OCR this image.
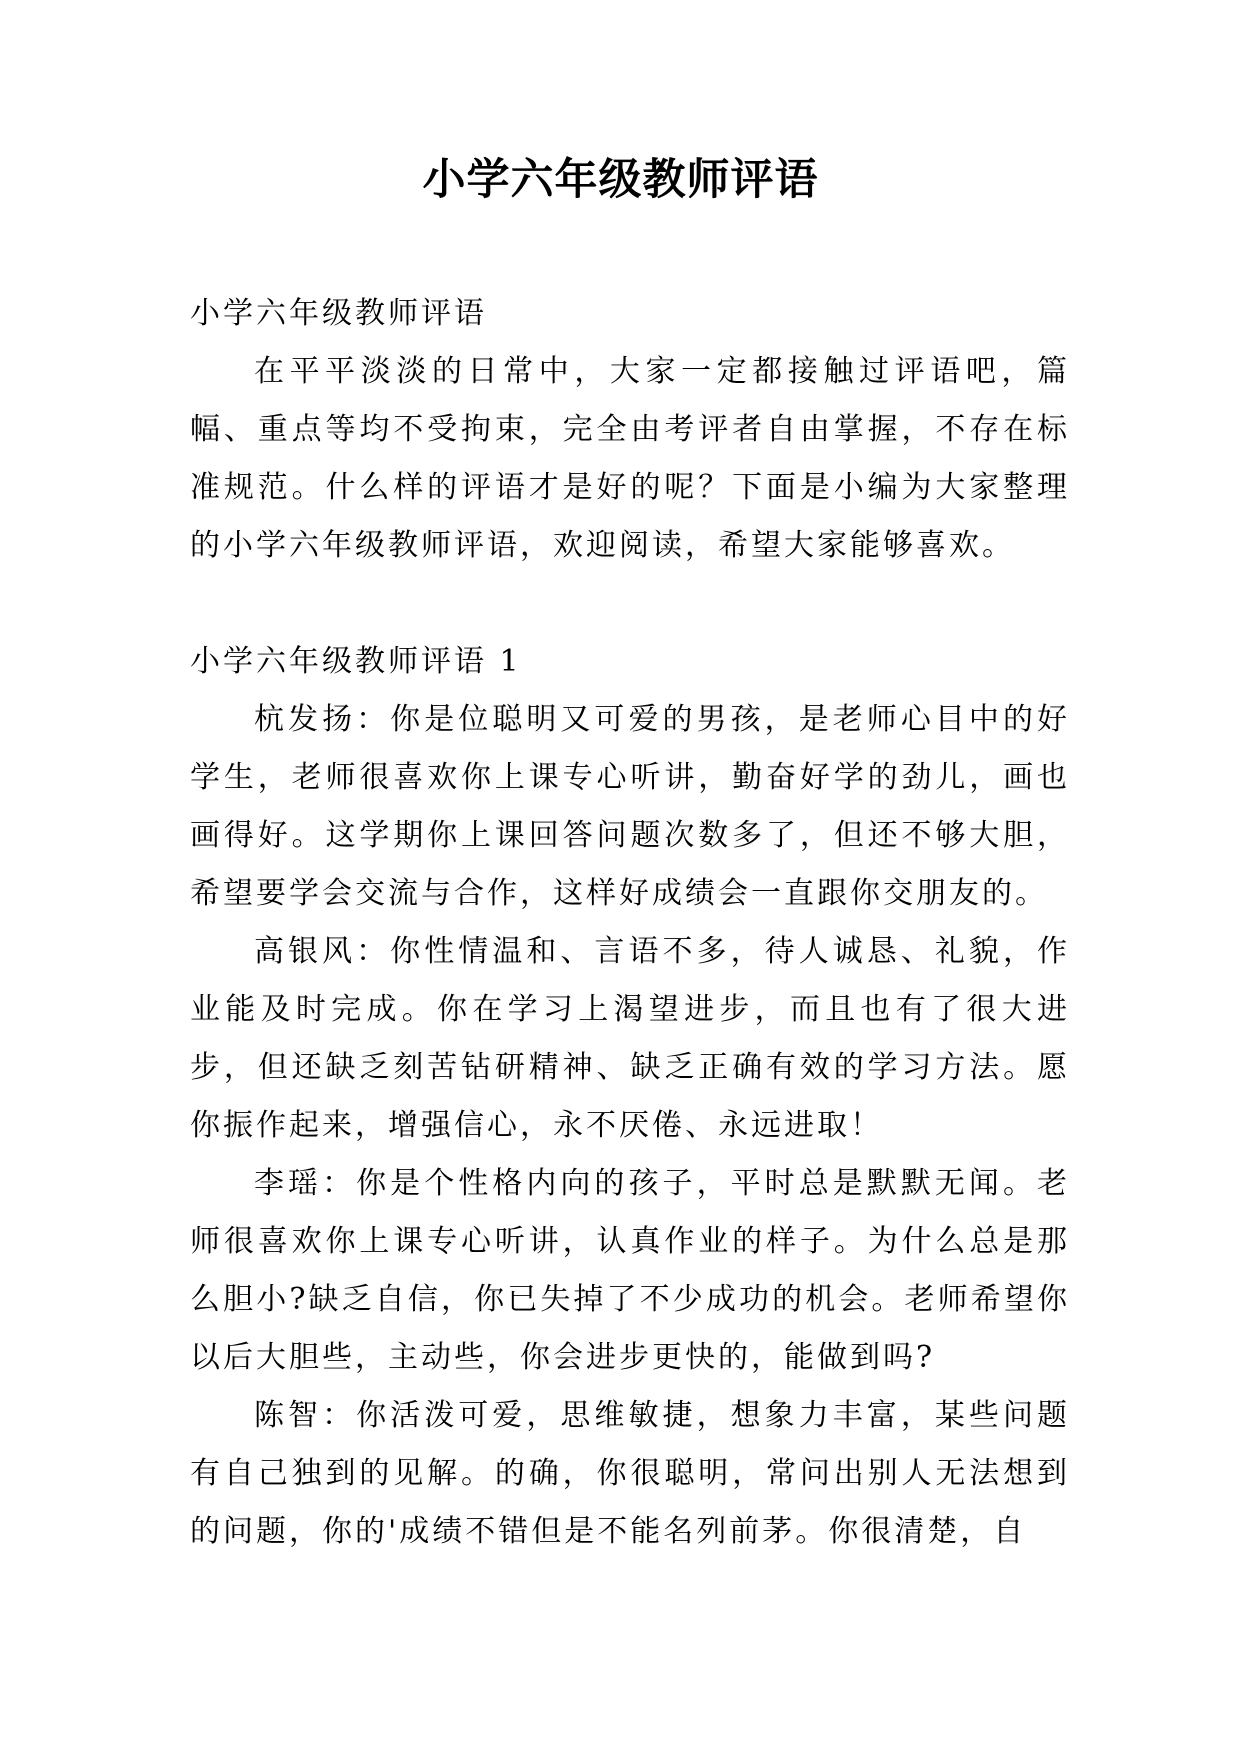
小学六年级教师评语

小学六年级教师评语

在平平淡淡的日常中，大家一定都接触过评语吧，篇幅、重点等均不受拘束，完全由考评者自由掌握，不存在标准规范。什么样的评语才是好的呢？下面是小编为大家整理的小学六年级教师评语，欢迎阅读，希望大家能够喜欢。

小学六年级教师评语 1

杭发扬：你是位聪明又可爱的男孩，是老师心目中的好学生，老师很喜欢你上课专心听讲，勤奋好学的劲儿，画也画得好。这学期你上课回答问题次数多了，但还不够大胆，希望要学会交流与合作，这样好成绩会一直跟你交朋友的。

高银风：你性情温和、言语不多，待人诚恳、礼貌，作业能及时完成。你在学习上渴望进步，而且也有了很大进步，但还缺乏刻苦钻研精神、缺乏正确有效的学习方法。愿你振作起来，增强信心，永不厌倦、永远进取！

李瑶：你是个性格内向的孩子，平时总是默默无闻。老师很喜欢你上课专心听讲，认真作业的样子。为什么总是那么胆小?缺乏自信，你已失掉了不少成功的机会。老师希望你以后大胆些，主动些，你会进步更快的，能做到吗?

陈智：你活泼可爱，思维敏捷，想象力丰富，某些问题有自己独到的见解。的确，你很聪明，常问出别人无法想到的问题，你的'成绩不错但是不能名列前茅。你很清楚，自
